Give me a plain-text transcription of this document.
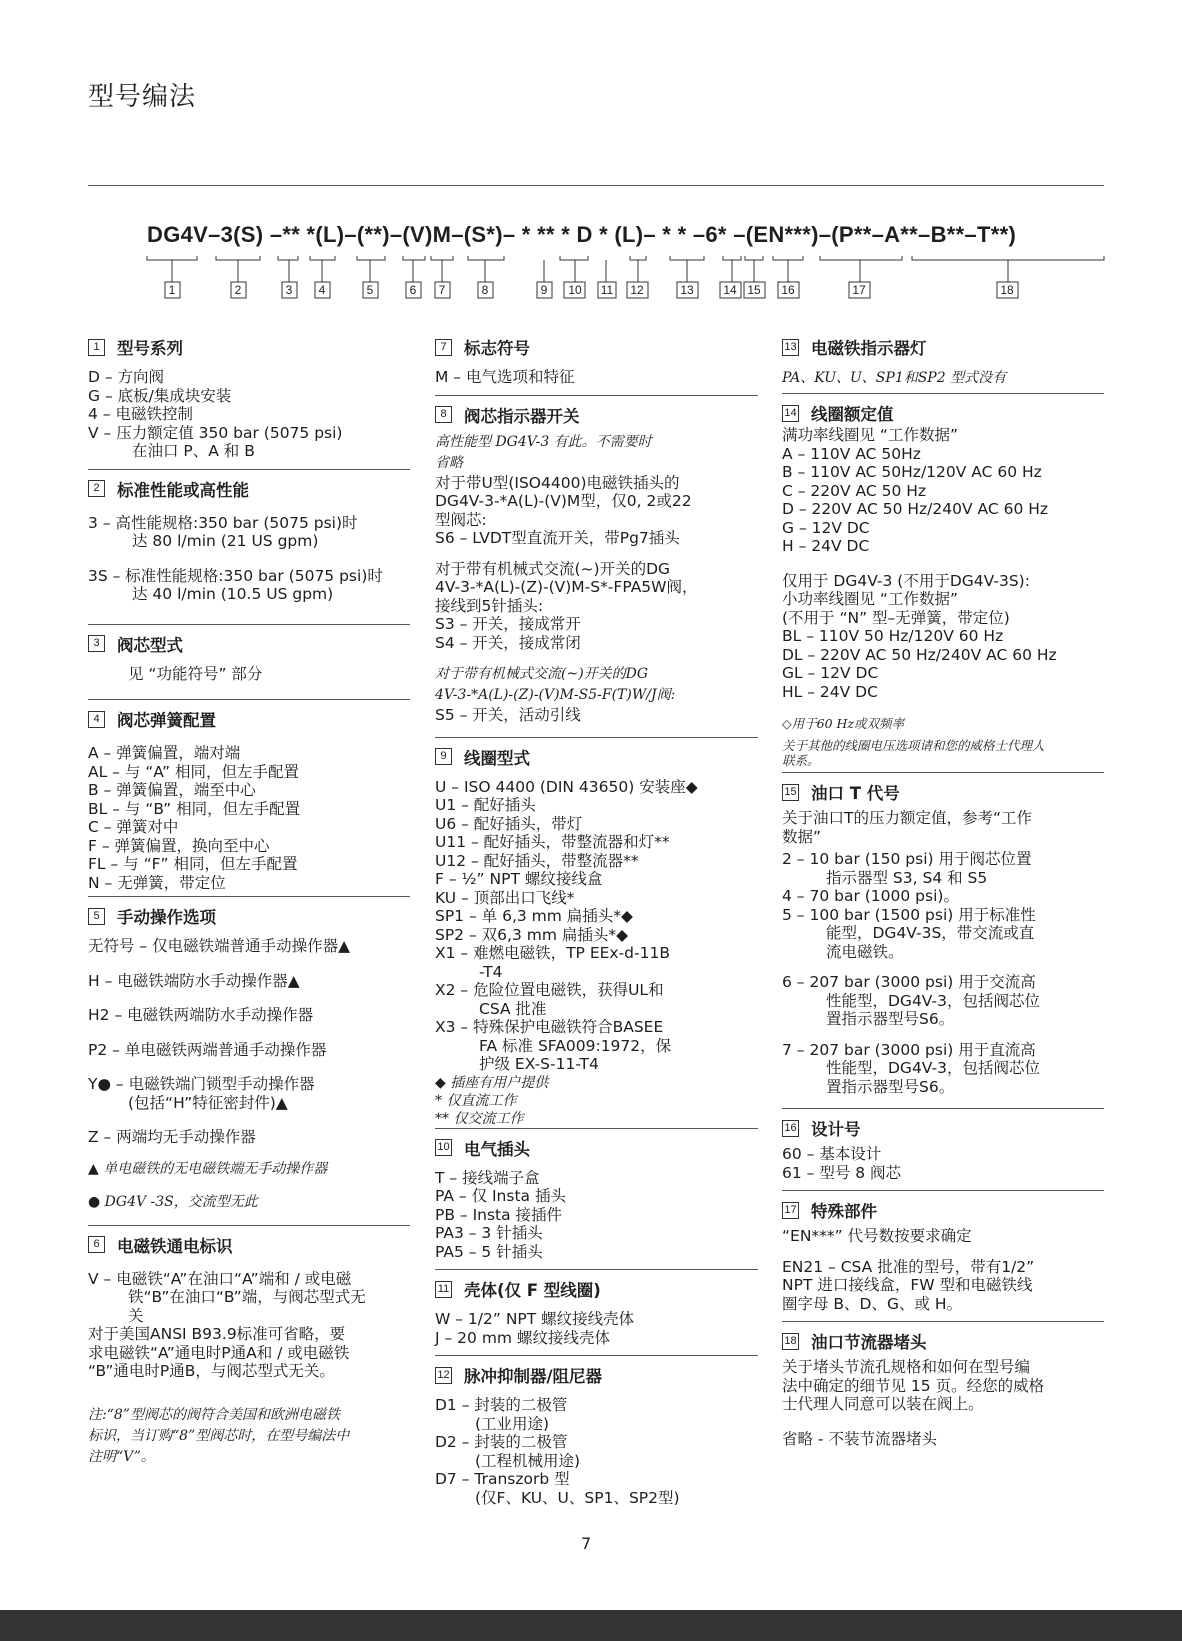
型号编法
DG4V–3(S) –** *(L)–(**)–(V)M–(S*)– * ** * D * (L)– * * –6* –(EN***)–(P**–A**–B**–T**)
1	2	3 4	5	6 7	8	9 10 11 12	13 14 15 16	17	18
1	型号系列
D – 方向阀
G – 底板/集成块安装
4 – 电磁铁控制
V – 压力额定值 350 bar (5075 psi)
在油口 P、A 和 B
2	标准性能或高性能
3 – 高性能规格:350 bar (5075 psi)时
达 80 l/min (21 US gpm)
3S – 标准性能规格:350 bar (5075 psi)时
达 40 l/min (10.5 US gpm)
3	阀芯型式
见 “功能符号” 部分
4	阀芯弹簧配置
A – 弹簧偏置，端对端
AL – 与 “A” 相同，但左手配置
B – 弹簧偏置，端至中心
BL – 与 “B” 相同，但左手配置
C – 弹簧对中
F – 弹簧偏置，换向至中心
FL – 与 “F” 相同，但左手配置
N – 无弹簧，带定位
5	手动操作选项
无符号 – 仅电磁铁端普通手动操作器▲
H – 电磁铁端防水手动操作器▲
H2 – 电磁铁两端防水手动操作器
P2 – 单电磁铁两端普通手动操作器
Y● – 电磁铁端门锁型手动操作器
(包括“H”特征密封件)▲
Z – 两端均无手动操作器
▲ 单电磁铁的无电磁铁端无手动操作器
● DG4V -3S，交流型无此
6	电磁铁通电标识
V – 电磁铁“A”在油口“A”端和 / 或电磁
铁“B”在油口“B”端，与阀芯型式无
关
对于美国ANSI B93.9标准可省略，要
求电磁铁“A”通电时P通A和 / 或电磁铁
“B”通电时P通B，与阀芯型式无关。
注:“8”型阀芯的阀符合美国和欧洲电磁铁
标识，当订购“8”型阀芯时，在型号编法中
注明“V”。
7	标志符号
M – 电气选项和特征
8	阀芯指示器开关
高性能型 DG4V-3 有此。不需要时
省略
对于带U型(ISO4400)电磁铁插头的
DG4V-3-*A(L)-(V)M型，仅0, 2或22
型阀芯:
S6 – LVDT型直流开关，带Pg7插头
对于带有机械式交流(~)开关的DG
4V-3-*A(L)-(Z)-(V)M-S*-FPA5W阀，
接线到5针插头:
S3 – 开关，接成常开
S4 – 开关，接成常闭
对于带有机械式交流(~)开关的DG
4V-3-*A(L)-(Z)-(V)M-S5-F(T)W/J阀:
S5 – 开关，活动引线
9	线圈型式
U – ISO 4400 (DIN 43650) 安装座◆
U1 – 配好插头
U6 – 配好插头，带灯
U11 – 配好插头，带整流器和灯**
U12 – 配好插头，带整流器**
F – ½” NPT 螺纹接线盒
KU – 顶部出口飞线*
SP1 – 单 6,3 mm 扁插头*◆
SP2 – 双6,3 mm 扁插头*◆
X1 – 难燃电磁铁，TP EEx-d-11B
-T4
X2 – 危险位置电磁铁，获得UL和
CSA 批准
X3 – 特殊保护电磁铁符合BASEE
FA 标准 SFA009:1972，保
护级 EX-S-11-T4
◆ 插座有用户提供
* 仅直流工作
** 仅交流工作
10 电气插头
T – 接线端子盒
PA – 仅 Insta 插头
PB – Insta 接插件
PA3 – 3 针插头
PA5 – 5 针插头
11 壳体(仅 F 型线圈)
W – 1/2” NPT 螺纹接线壳体
J – 20 mm 螺纹接线壳体
12 脉冲抑制器/阻尼器
D1 – 封装的二极管
(工业用途)
D2 – 封装的二极管
(工程机械用途)
D7 – Transzorb 型
(仅F、KU、U、SP1、SP2型)
13 电磁铁指示器灯
PA、KU、U、SP1和SP2 型式没有
14 线圈额定值
满功率线圈见 “工作数据”
A – 110V AC 50Hz
B – 110V AC 50Hz/120V AC 60 Hz
C – 220V AC 50 Hz
D – 220V AC 50 Hz/240V AC 60 Hz
G – 12V DC
H – 24V DC
仅用于 DG4V-3 (不用于DG4V-3S):
小功率线圈见 “工作数据”
(不用于 “N” 型–无弹簧，带定位)
BL – 110V 50 Hz/120V 60 Hz
DL – 220V AC 50 Hz/240V AC 60 Hz
GL – 12V DC
HL – 24V DC
◇用于60 Hz或双频率
关于其他的线圈电压选项请和您的威格士代理人
联系。
15 油口 T 代号
关于油口T的压力额定值，参考“工作
数据”
2 – 10 bar (150 psi) 用于阀芯位置
指示器型 S3, S4 和 S5
4 – 70 bar (1000 psi)。
5 – 100 bar (1500 psi) 用于标准性
能型，DG4V-3S，带交流或直
流电磁铁。
6 – 207 bar (3000 psi) 用于交流高
性能型，DG4V-3，包括阀芯位
置指示器型号S6。
7 – 207 bar (3000 psi) 用于直流高
性能型，DG4V-3，包括阀芯位
置指示器型号S6。
16 设计号
60 – 基本设计
61 – 型号 8 阀芯
17 特殊部件
“EN***” 代号数按要求确定
EN21 – CSA 批准的型号，带有1/2”
NPT 进口接线盒，FW 型和电磁铁线
圈字母 B、D、G、或 H。
18 油口节流器堵头
关于堵头节流孔规格和如何在型号编
法中确定的细节见 15 页。经您的威格
士代理人同意可以装在阀上。
省略 - 不装节流器堵头
7
